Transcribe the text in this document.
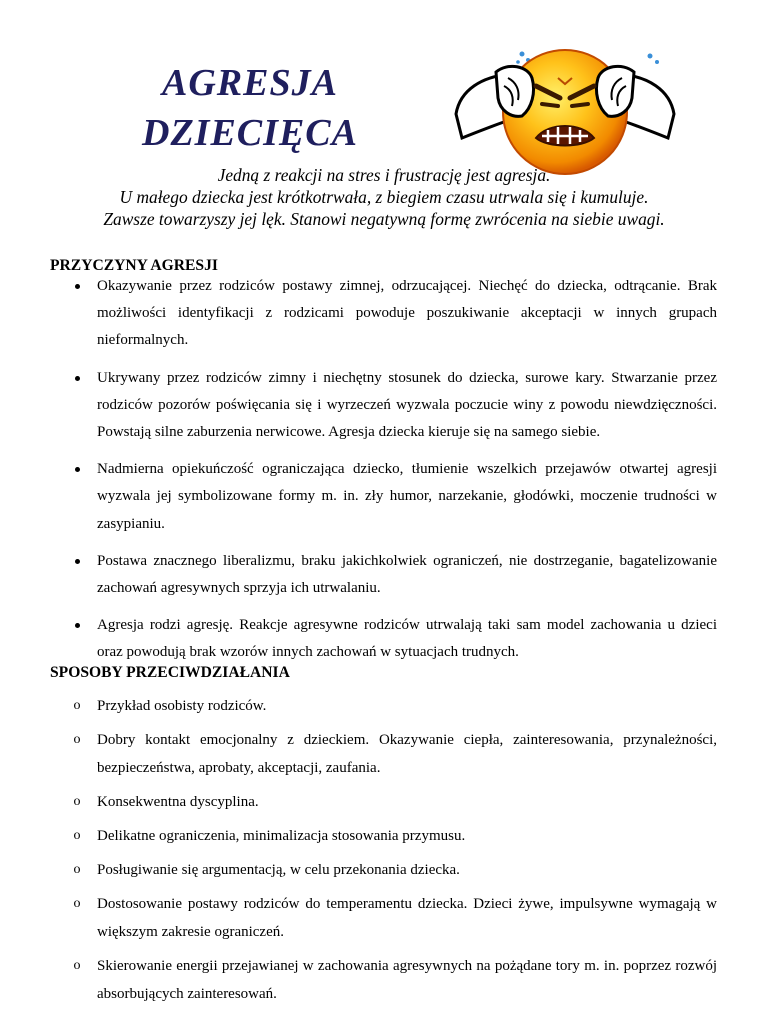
AGRESJA
DZIECIĘCA
Jedną z reakcji na stres i frustrację jest agresja.
U małego dziecka jest krótkotrwała, z biegiem czasu utrwala się i kumuluje.
Zawsze towarzyszy jej lęk. Stanowi negatywną formę zwrócenia na siebie uwagi.
PRZYCZYNY AGRESJI
Okazywanie przez rodziców postawy zimnej, odrzucającej. Niechęć do dziecka, odtrącanie. Brak możliwości identyfikacji z rodzicami powoduje poszukiwanie akceptacji w innych grupach nieformalnych.
Ukrywany przez rodziców zimny i niechętny stosunek do dziecka, surowe kary. Stwarzanie przez rodziców pozorów poświęcania się i wyrzeczeń wyzwala poczucie winy z powodu niewdzięczności. Powstają silne zaburzenia nerwicowe. Agresja dziecka kieruje się na samego siebie.
Nadmierna opiekuńczość ograniczająca dziecko, tłumienie wszelkich przejawów otwartej agresji wyzwala jej symbolizowane formy m. in. zły humor, narzekanie, głodówki, moczenie trudności w zasypianiu.
Postawa znacznego liberalizmu, braku jakichkolwiek ograniczeń, nie dostrzeganie, bagatelizowanie zachowań agresywnych sprzyja ich utrwalaniu.
Agresja rodzi agresję. Reakcje agresywne rodziców utrwalają taki sam model zachowania u dzieci oraz powodują brak wzorów innych zachowań w sytuacjach trudnych.
SPOSOBY PRZECIWDZIAŁANIA
o Przykład osobisty rodziców.
o Dobry kontakt emocjonalny z dzieckiem. Okazywanie ciepła, zainteresowania, przynależności, bezpieczeństwa, aprobaty, akceptacji, zaufania.
o Konsekwentna dyscyplina.
o Delikatne ograniczenia, minimalizacja stosowania przymusu.
o Posługiwanie się argumentacją, w celu przekonania dziecka.
o Dostosowanie postawy rodziców do temperamentu dziecka. Dzieci żywe, impulsywne wymagają w większym zakresie ograniczeń.
o Skierowanie energii przejawianej w zachowania agresywnych na pożądane tory m. in. poprzez rozwój absorbujących zainteresowań.
